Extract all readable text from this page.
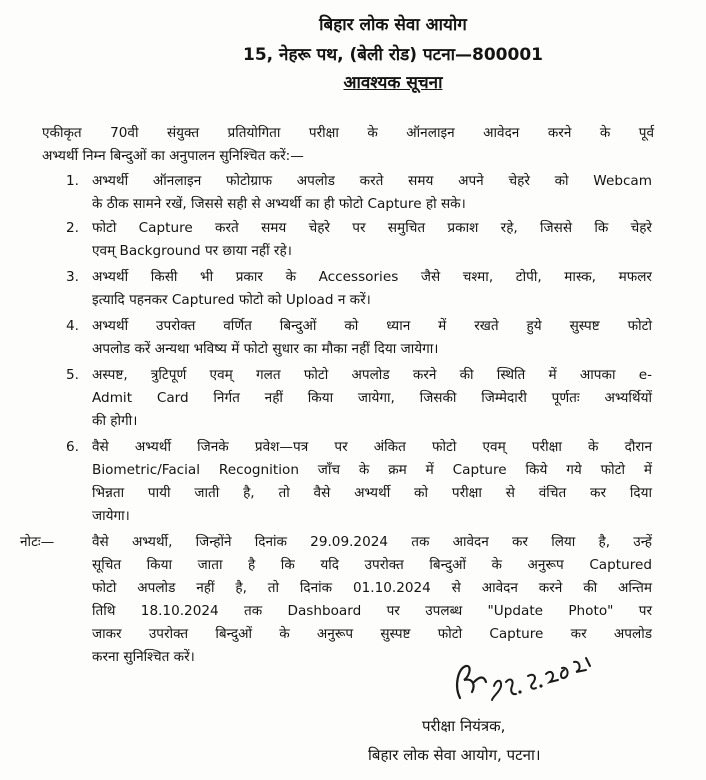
बिहार लोक सेवा आयोग
15, नेहरू पथ, (बेली रोड) पटना—800001
आवश्यक सूचना
एकीकृत 70वी संयुक्त प्रतियोगिता परीक्षा के ऑनलाइन आवेदन करने के पूर्व
अभ्यर्थी निम्न बिन्दुओं का अनुपालन सुनिश्चित करें:—
1. अभ्यर्थी ऑनलाइन फोटोग्राफ अपलोड करते समय अपने चेहरे को Webcam
के ठीक सामने रखें, जिससे सही से अभ्यर्थी का ही फोटो Capture हो सके।
2. फोटो Capture करते समय चेहरे पर समुचित प्रकाश रहे, जिससे कि चेहरे
एवम् Background पर छाया नहीं रहे।
3. अभ्यर्थी किसी भी प्रकार के Accessories जैसे चश्मा, टोपी, मास्क, मफलर
इत्यादि पहनकर Captured फोटो को Upload न करें।
4. अभ्यर्थी उपरोक्त वर्णित बिन्दुओं को ध्यान में रखते हुये सुस्पष्ट फोटो
अपलोड करें अन्यथा भविष्य में फोटो सुधार का मौका नहीं दिया जायेगा।
5. अस्पष्ट, त्रुटिपूर्ण एवम् गलत फोटो अपलोड करने की स्थिति में आपका e-
Admit Card निर्गत नहीं किया जायेगा, जिसकी जिम्मेदारी पूर्णतः अभ्यर्थियों
की होगी।
6. वैसे अभ्यर्थी जिनके प्रवेश—पत्र पर अंकित फोटो एवम् परीक्षा के दौरान
Biometric/Facial Recognition जाँच के क्रम में Capture किये गये फोटो में
भिन्नता पायी जाती है, तो वैसे अभ्यर्थी को परीक्षा से वंचित कर दिया
जायेगा।
नोटः—	वैसे अभ्यर्थी, जिन्होंने दिनांक 29.09.2024 तक आवेदन कर लिया है, उन्हें
सूचित किया जाता है कि यदि उपरोक्त बिन्दुओं के अनुरूप Captured
फोटो अपलोड नहीं है, तो दिनांक 01.10.2024 से आवेदन करने की अन्तिम
तिथि 18.10.2024 तक Dashboard पर उपलब्ध "Update Photo" पर
जाकर उपरोक्त बिन्दुओं के अनुरूप सुस्पष्ट फोटो Capture कर अपलोड
करना सुनिश्चित करें।
परीक्षा नियंत्रक,
बिहार लोक सेवा आयोग, पटना।
